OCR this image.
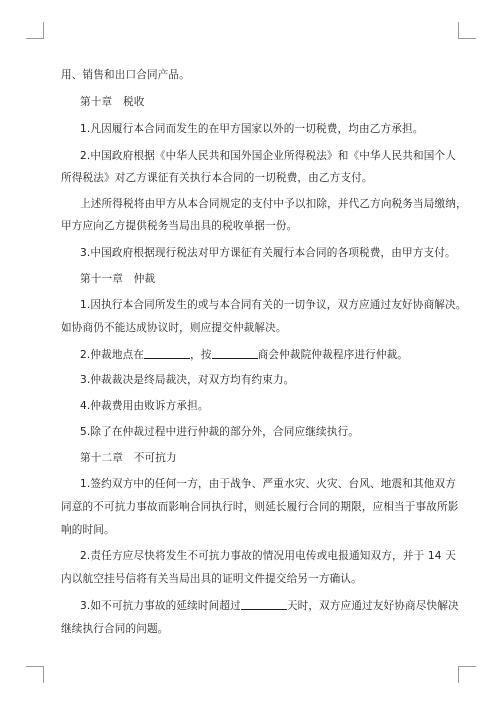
用、销售和出口合同产品。
第十章　税收
1.凡因履行本合同而发生的在甲方国家以外的一切税费，均由乙方承担。
2.中国政府根据《中华人民共和国外国企业所得税法》和《中华人民共和国个人
所得税法》对乙方课征有关执行本合同的一切税费，由乙方支付。
上述所得税将由甲方从本合同规定的支付中予以扣除，并代乙方向税务当局缴纳，
甲方应向乙方提供税务当局出具的税收单据一份。
3.中国政府根据现行税法对甲方课征有关履行本合同的各项税费，由甲方支付。
第十一章　仲裁
1.因执行本合同所发生的或与本合同有关的一切争议，双方应通过友好协商解决。
如协商仍不能达成协议时，则应提交仲裁解决。
2.仲裁地点在	，按	商会仲裁院仲裁程序进行仲裁。
3.仲裁裁决是终局裁决，对双方均有约束力。
4.仲裁费用由败诉方承担。
5.除了在仲裁过程中进行仲裁的部分外，合同应继续执行。
第十二章　不可抗力
1.签约双方中的任何一方，由于战争、严重水灾、火灾、台风、地震和其他双方
同意的不可抗力事故而影响合同执行时，则延长履行合同的期限，应相当于事故所影
响的时间。
2.责任方应尽快将发生不可抗力事故的情况用电传或电报通知双方，并于 14 天
内以航空挂号信将有关当局出具的证明文件提交给另一方确认。
3.如不可抗力事故的延续时间超过	天时，双方应通过友好协商尽快解决
继续执行合同的问题。
